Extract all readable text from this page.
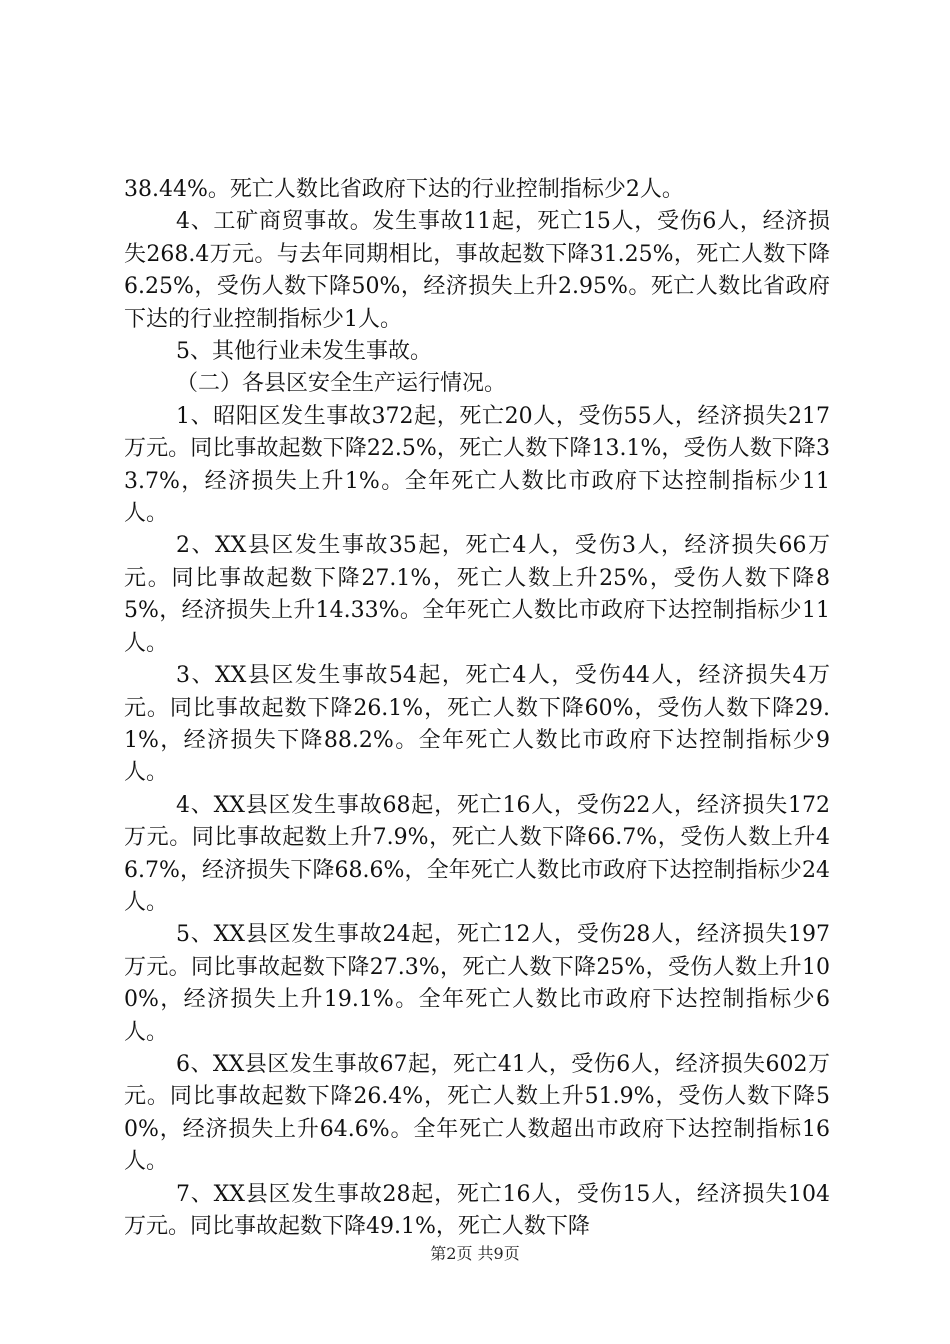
38.44%。死亡人数比省政府下达的行业控制指标少2人。

4、工矿商贸事故。发生事故11起，死亡15人，受伤6人，经济损失268.4万元。与去年同期相比，事故起数下降31.25%，死亡人数下降6.25%，受伤人数下降50%，经济损失上升2.95%。死亡人数比省政府下达的行业控制指标少1人。

5、其他行业未发生事故。

（二）各县区安全生产运行情况。

1、昭阳区发生事故372起，死亡20人，受伤55人，经济损失217万元。同比事故起数下降22.5%，死亡人数下降13.1%，受伤人数下降33.7%，经济损失上升1%。全年死亡人数比市政府下达控制指标少11人。

2、XX县区发生事故35起，死亡4人，受伤3人，经济损失66万元。同比事故起数下降27.1%，死亡人数上升25%，受伤人数下降85%，经济损失上升14.33%。全年死亡人数比市政府下达控制指标少11人。

3、XX县区发生事故54起，死亡4人，受伤44人，经济损失4万元。同比事故起数下降26.1%，死亡人数下降60%，受伤人数下降29.1%，经济损失下降88.2%。全年死亡人数比市政府下达控制指标少9人。

4、XX县区发生事故68起，死亡16人，受伤22人，经济损失172万元。同比事故起数上升7.9%，死亡人数下降66.7%，受伤人数上升46.7%，经济损失下降68.6%，全年死亡人数比市政府下达控制指标少24人。

5、XX县区发生事故24起，死亡12人，受伤28人，经济损失197万元。同比事故起数下降27.3%，死亡人数下降25%，受伤人数上升100%，经济损失上升19.1%。全年死亡人数比市政府下达控制指标少6人。

6、XX县区发生事故67起，死亡41人，受伤6人，经济损失602万元。同比事故起数下降26.4%，死亡人数上升51.9%，受伤人数下降50%，经济损失上升64.6%。全年死亡人数超出市政府下达控制指标16人。

7、XX县区发生事故28起，死亡16人，受伤15人，经济损失104万元。同比事故起数下降49.1%，死亡人数下降

第2页 共9页
